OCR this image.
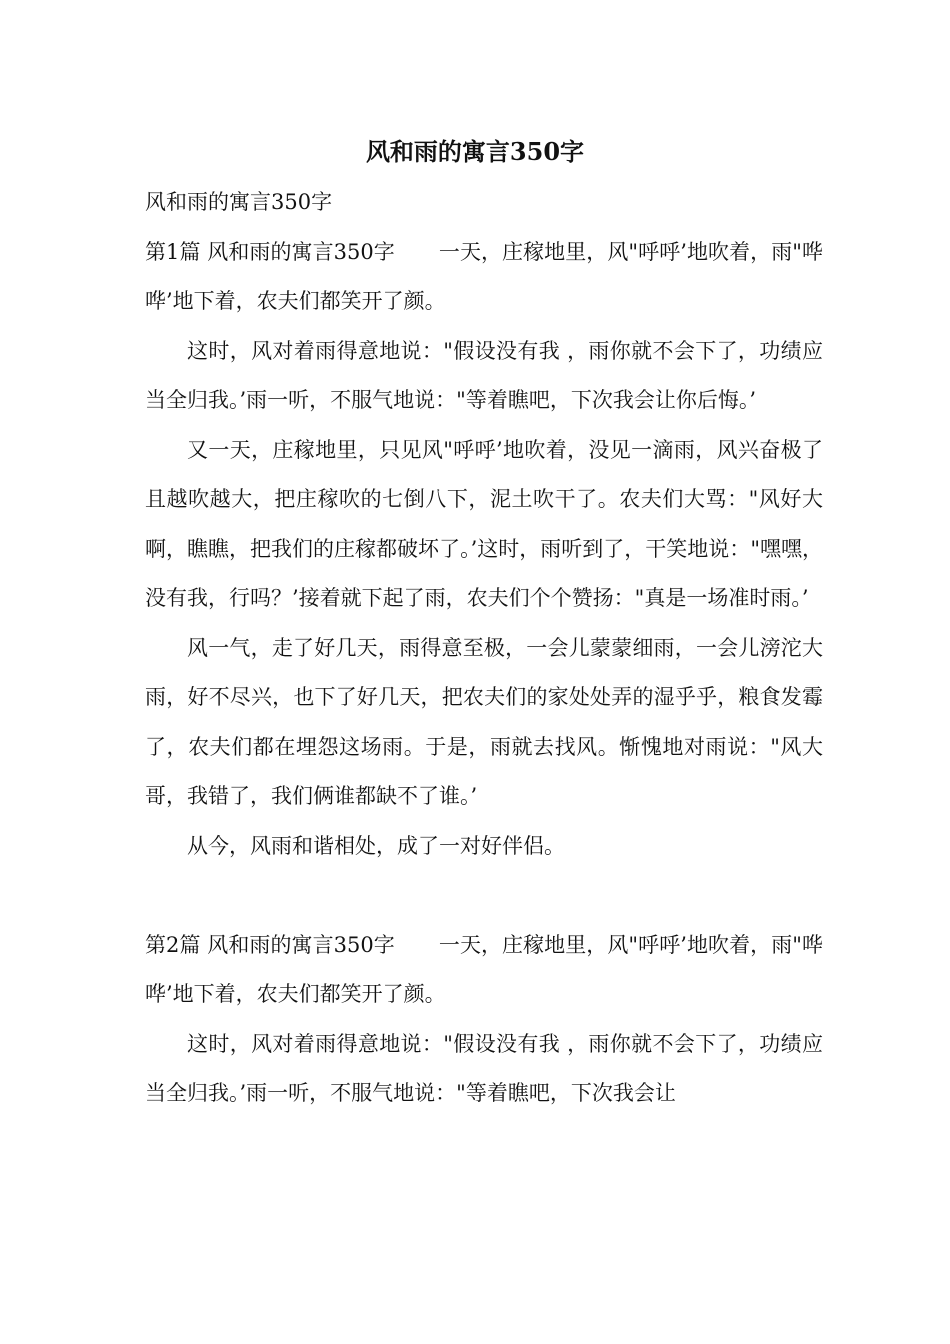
风和雨的寓言350字

风和雨的寓言350字

第1篇 风和雨的寓言350字 一天，庄稼地里，风"呼呼’地吹着，雨"哗哗’地下着，农夫们都笑开了颜。

这时，风对着雨得意地说："假设没有我 ，雨你就不会下了，功绩应当全归我。’雨一听，不服气地说："等着瞧吧，下次我会让你后悔。’

又一天，庄稼地里，只见风"呼呼’地吹着，没见一滴雨，风兴奋极了且越吹越大，把庄稼吹的七倒八下，泥土吹干了。农夫们大骂："风好大啊，瞧瞧，把我们的庄稼都破坏了。’这时，雨听到了，干笑地说："嘿嘿，没有我，行吗？’接着就下起了雨，农夫们个个赞扬："真是一场准时雨。’

风一气，走了好几天，雨得意至极，一会儿蒙蒙细雨，一会儿滂沱大雨，好不尽兴，也下了好几天，把农夫们的家处处弄的湿乎乎，粮食发霉了，农夫们都在埋怨这场雨。于是，雨就去找风。惭愧地对雨说："风大哥，我错了，我们俩谁都缺不了谁。’

从今，风雨和谐相处，成了一对好伴侣。

第2篇 风和雨的寓言350字 一天，庄稼地里，风"呼呼’地吹着，雨"哗哗’地下着，农夫们都笑开了颜。

这时，风对着雨得意地说："假设没有我 ，雨你就不会下了，功绩应当全归我。’雨一听，不服气地说："等着瞧吧，下次我会让
